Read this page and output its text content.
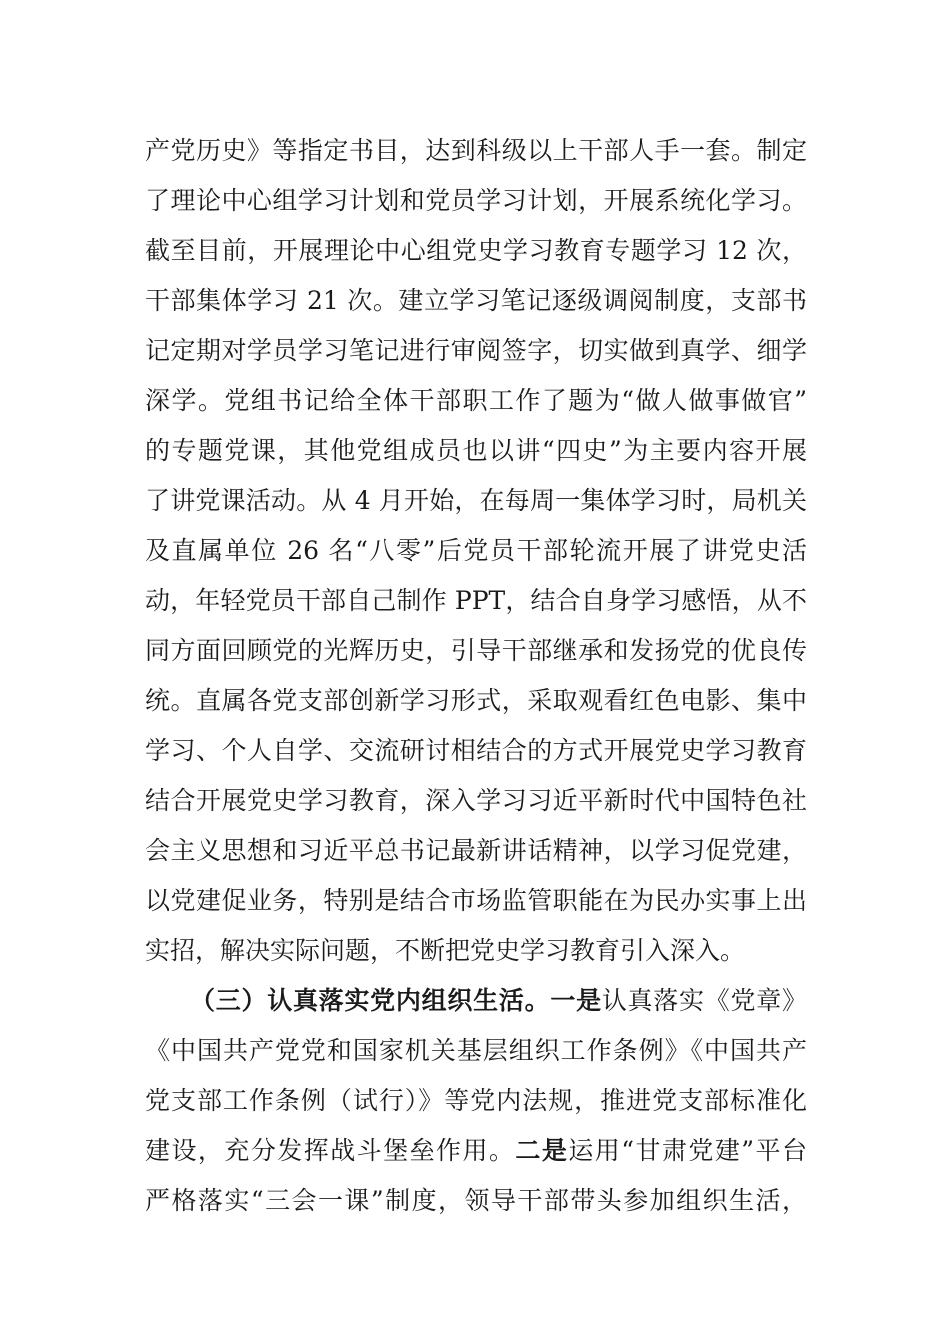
产党历史》等指定书目，达到科级以上干部人手一套。制定
了理论中心组学习计划和党员学习计划，开展系统化学习。
截至目前，开展理论中心组党史学习教育专题学习 12 次，
干部集体学习 21 次。建立学习笔记逐级调阅制度，支部书
记定期对学员学习笔记进行审阅签字，切实做到真学、细学
深学。党组书记给全体干部职工作了题为“做人做事做官”
的专题党课，其他党组成员也以讲“四史”为主要内容开展
了讲党课活动。从 4 月开始，在每周一集体学习时，局机关
及直属单位 26 名“八零”后党员干部轮流开展了讲党史活
动，年轻党员干部自己制作 PPT，结合自身学习感悟，从不
同方面回顾党的光辉历史，引导干部继承和发扬党的优良传
统。直属各党支部创新学习形式，采取观看红色电影、集中
学习、个人自学、交流研讨相结合的方式开展党史学习教育
结合开展党史学习教育，深入学习习近平新时代中国特色社
会主义思想和习近平总书记最新讲话精神，以学习促党建，
以党建促业务，特别是结合市场监管职能在为民办实事上出
实招，解决实际问题，不断把党史学习教育引入深入。
（三）认真落实党内组织生活。一是认真落实《党章》
《中国共产党党和国家机关基层组织工作条例》《中国共产
党支部工作条例（试行）》等党内法规，推进党支部标准化
建设，充分发挥战斗堡垒作用。二是运用“甘肃党建”平台
严格落实“三会一课”制度，领导干部带头参加组织生活，
